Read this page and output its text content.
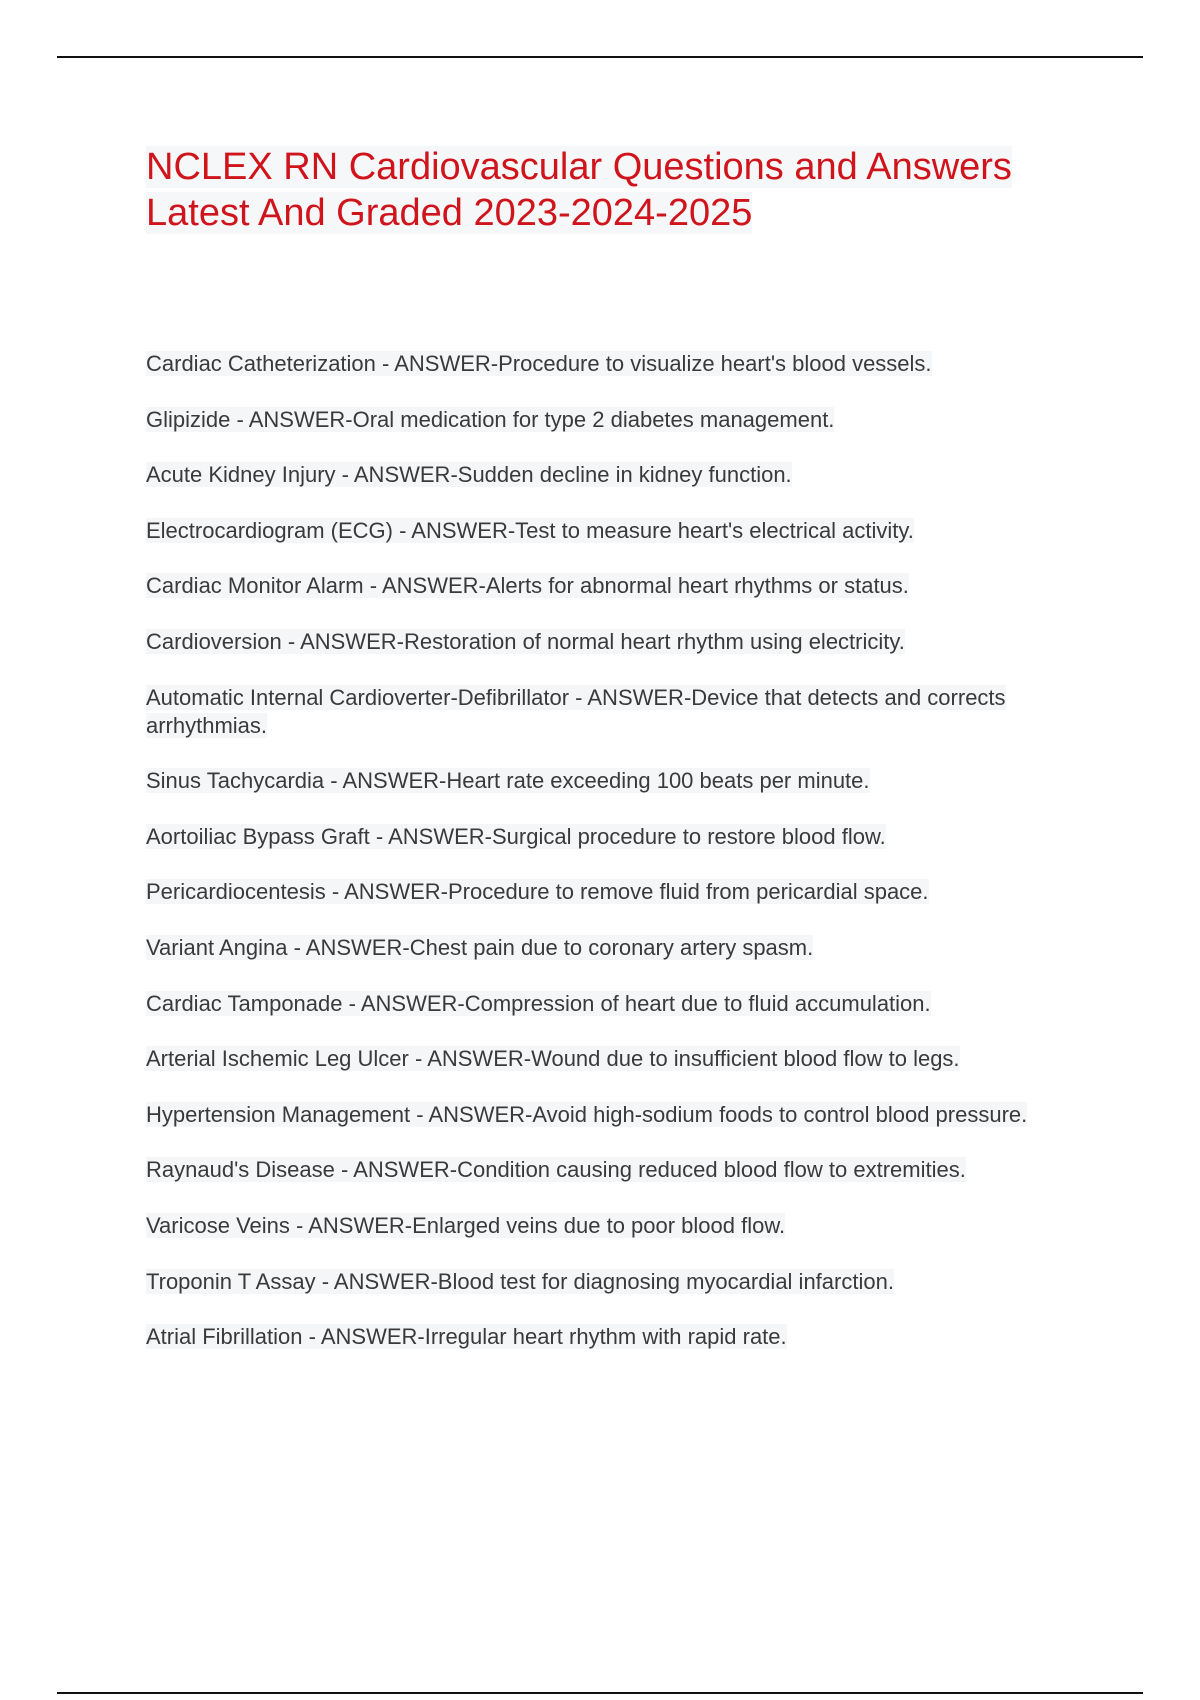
NCLEX RN Cardiovascular Questions and Answers Latest And Graded 2023-2024-2025
Cardiac Catheterization - ANSWER-Procedure to visualize heart's blood vessels.
Glipizide - ANSWER-Oral medication for type 2 diabetes management.
Acute Kidney Injury - ANSWER-Sudden decline in kidney function.
Electrocardiogram (ECG) - ANSWER-Test to measure heart's electrical activity.
Cardiac Monitor Alarm - ANSWER-Alerts for abnormal heart rhythms or status.
Cardioversion - ANSWER-Restoration of normal heart rhythm using electricity.
Automatic Internal Cardioverter-Defibrillator - ANSWER-Device that detects and corrects arrhythmias.
Sinus Tachycardia - ANSWER-Heart rate exceeding 100 beats per minute.
Aortoiliac Bypass Graft - ANSWER-Surgical procedure to restore blood flow.
Pericardiocentesis - ANSWER-Procedure to remove fluid from pericardial space.
Variant Angina - ANSWER-Chest pain due to coronary artery spasm.
Cardiac Tamponade - ANSWER-Compression of heart due to fluid accumulation.
Arterial Ischemic Leg Ulcer - ANSWER-Wound due to insufficient blood flow to legs.
Hypertension Management - ANSWER-Avoid high-sodium foods to control blood pressure.
Raynaud's Disease - ANSWER-Condition causing reduced blood flow to extremities.
Varicose Veins - ANSWER-Enlarged veins due to poor blood flow.
Troponin T Assay - ANSWER-Blood test for diagnosing myocardial infarction.
Atrial Fibrillation - ANSWER-Irregular heart rhythm with rapid rate.
